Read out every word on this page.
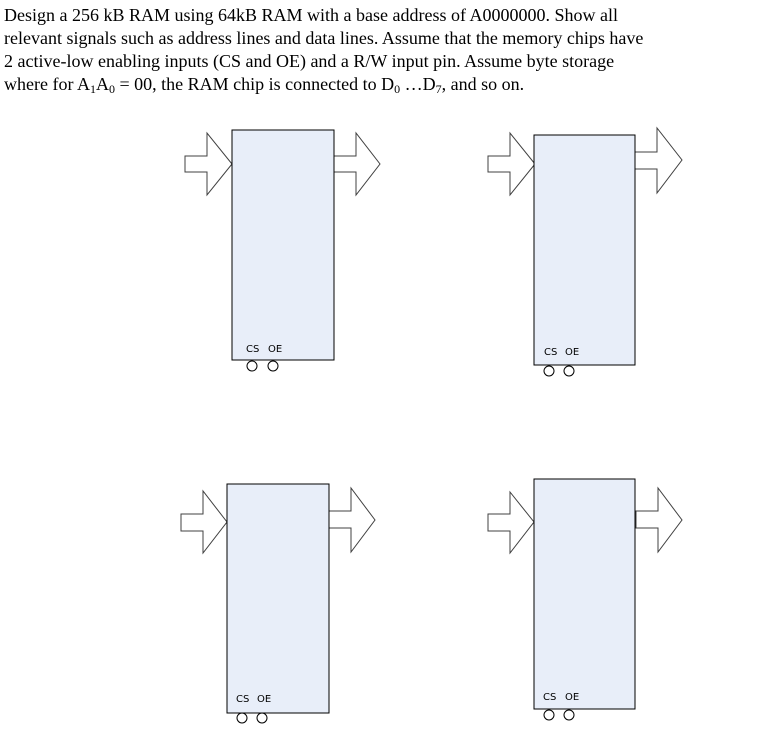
Design a 256 kB RAM using 64kB RAM with a base address of A0000000. Show all
relevant signals such as address lines and data lines. Assume that the memory chips have
2 active-low enabling inputs (CS and OE) and a R/W input pin. Assume byte storage
where for $A_1A_0 = 00$, the RAM chip is connected to $D_0$ $\dots D_7$, and so on.
CS OE	CS OE
CS OE	CS OE
